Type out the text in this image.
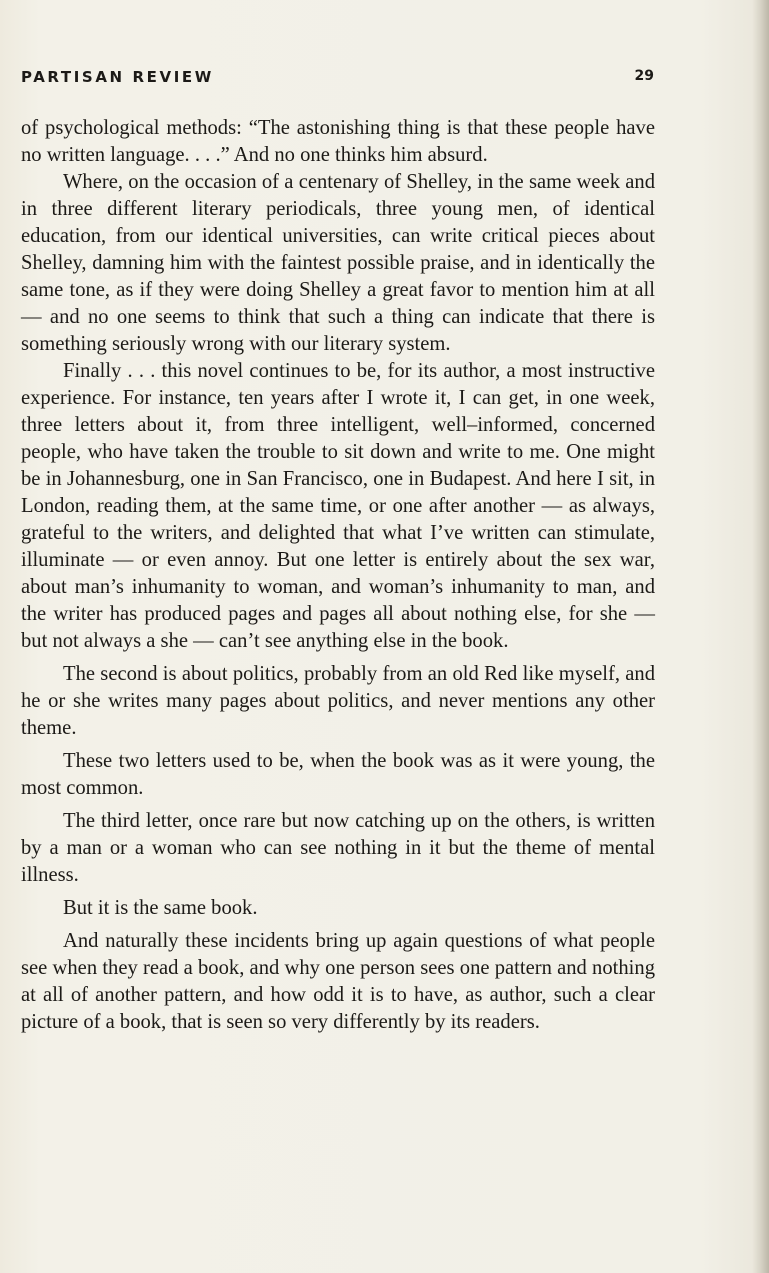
PARTISAN REVIEW	29

of psychological methods: “The astonishing thing is that these people have no written language. . . .” And no one thinks him absurd.

Where, on the occasion of a centenary of Shelley, in the same week and in three different literary periodicals, three young men, of identical education, from our identical universities, can write critical pieces about Shelley, damning him with the faintest possible praise, and in identically the same tone, as if they were doing Shelley a great favor to mention him at all — and no one seems to think that such a thing can indicate that there is something seriously wrong with our literary system.

Finally . . . this novel continues to be, for its author, a most instructive experience. For instance, ten years after I wrote it, I can get, in one week, three letters about it, from three intelligent, well–informed, concerned people, who have taken the trouble to sit down and write to me. One might be in Johannesburg, one in San Francisco, one in Budapest. And here I sit, in London, reading them, at the same time, or one after another — as always, grateful to the writers, and delighted that what I’ve written can stimulate, illuminate — or even annoy. But one letter is entirely about the sex war, about man’s inhumanity to woman, and woman’s inhumanity to man, and the writer has produced pages and pages all about nothing else, for she — but not always a she — can’t see anything else in the book.

The second is about politics, probably from an old Red like myself, and he or she writes many pages about politics, and never mentions any other theme.

These two letters used to be, when the book was as it were young, the most common.

The third letter, once rare but now catching up on the others, is written by a man or a woman who can see nothing in it but the theme of mental illness.

But it is the same book.

And naturally these incidents bring up again questions of what people see when they read a book, and why one person sees one pattern and nothing at all of another pattern, and how odd it is to have, as author, such a clear picture of a book, that is seen so very differently by its readers.
